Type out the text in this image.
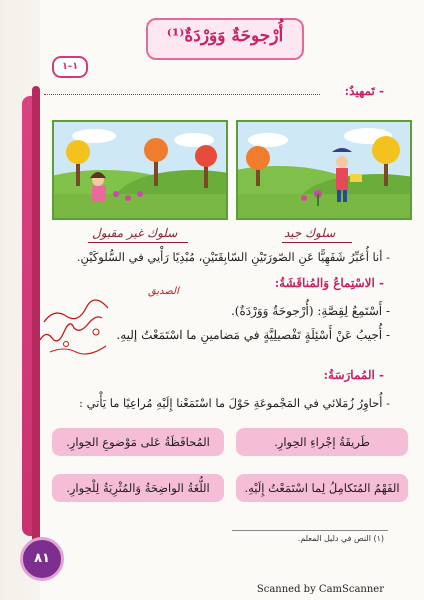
أُرْجوحَةٌ وَوَرْدَةٌ⁽¹⁾
١-١
- تَمهيدٌ:
سلوك جيد
سلوك غير مقبول
- أنا أُعَبِّرُ شَفَهِيًّا عَنِ الصّورَتَيْنِ السّابِقَتَيْنِ، مُبْدِيًا رَأْيي في السُّلوكَيْنِ.
- الاسْتِماعُ وَالمُناقَشَةُ:
الصديق
- أَسْتَمِعُ لِقِصَّةِ: (أُرْجوحَةٌ وَوَرْدَةٌ).
- أُجيبُ عَنْ أَسْئِلَةٍ تَفْصيلِيَّةٍ في مَضامينِ ما اسْتَمَعْتُ إليهِ.
- المُمارَسَةُ:
- أُحاوِرُ زُمَلائي في المَجْموعَةِ حَوْلَ ما اسْتَمَعْنا إِلَيْهِ مُراعِيًا ما يَأْتي :
طَريقَةُ إجْراءِ الحِوارِ.
المُحافَظَةُ عَلى مَوْضوعِ الحِوارِ.
الفَهْمُ المُتَكامِلُ لِما اسْتَمَعْتُ إِلَيْهِ.
اللُّغَةُ الواضِحَةُ وَالمُثْرِيَةُ لِلْحِوارِ.
(١) النص في دليل المعلم.
٨١
Scanned by CamScanner
